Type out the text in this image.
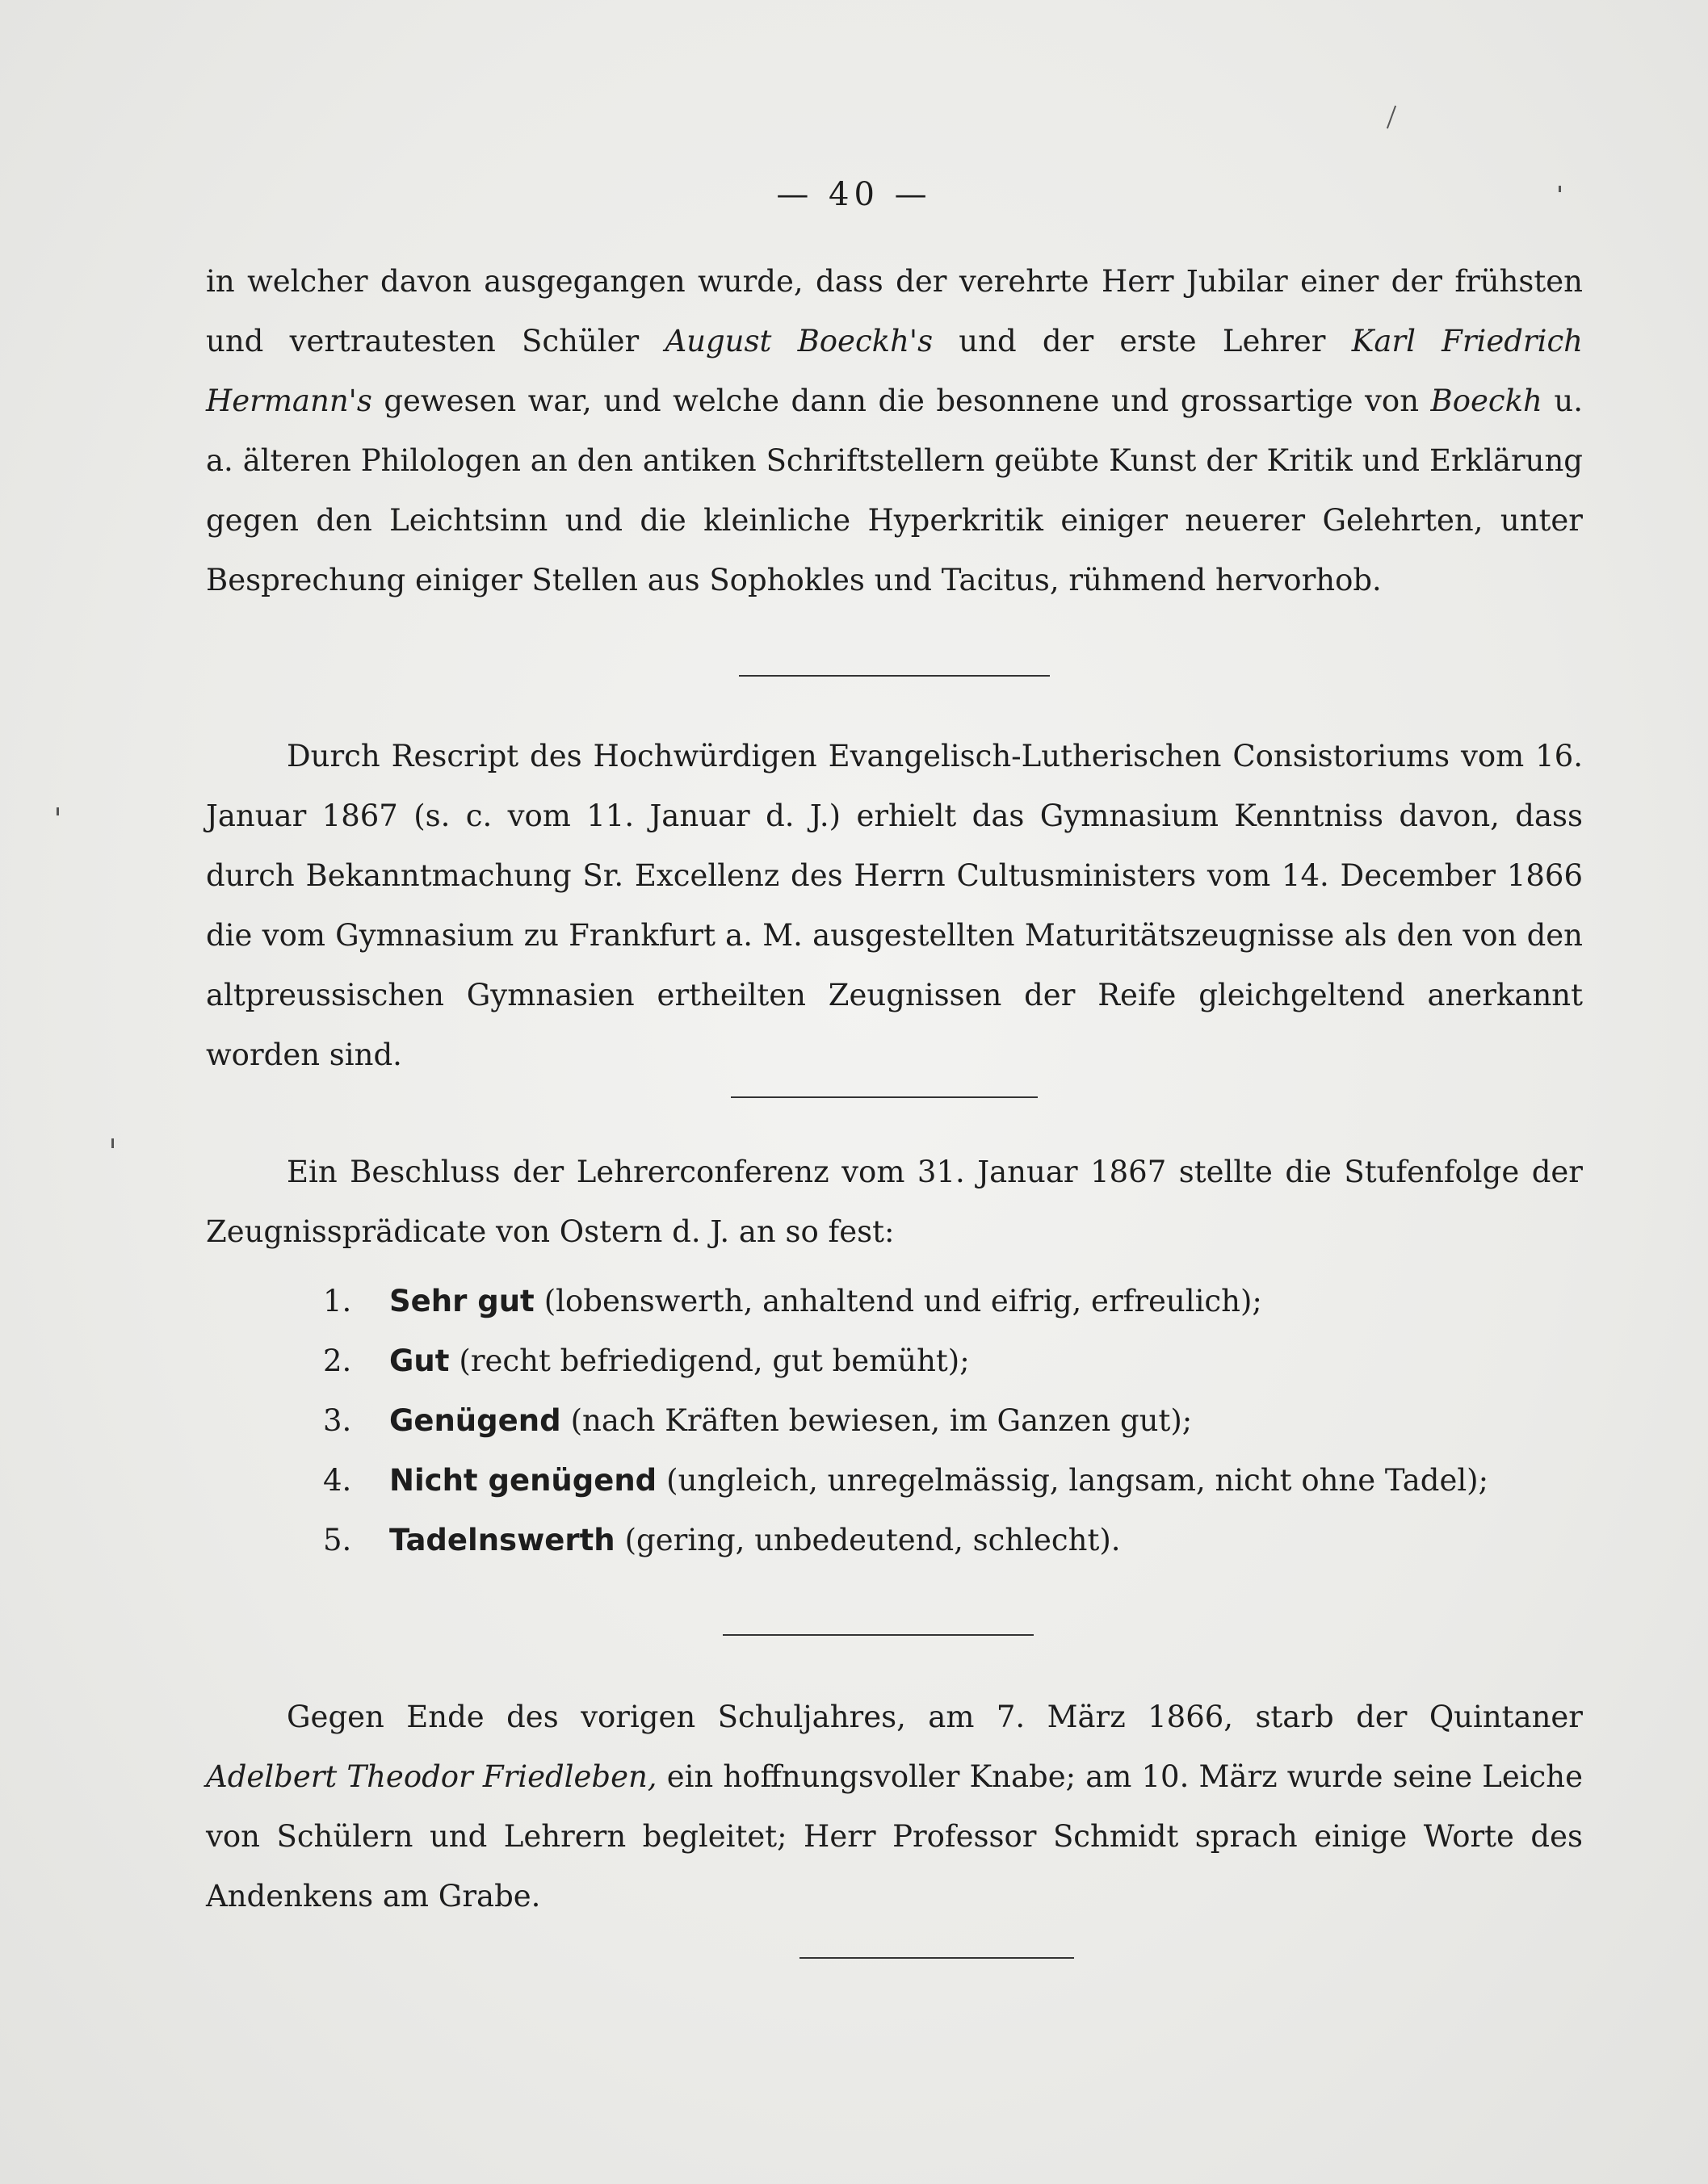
— 40 —

in welcher davon ausgegangen wurde, dass der verehrte Herr Jubilar einer der frühsten und vertrautesten Schüler August Boeckh's und der erste Lehrer Karl Friedrich Hermann's gewesen war, und welche dann die besonnene und grossartige von Boeckh u. a. älteren Philologen an den antiken Schriftstellern geübte Kunst der Kritik und Erklärung gegen den Leichtsinn und die kleinliche Hyperkritik einiger neuerer Gelehrten, unter Besprechung einiger Stellen aus Sophokles und Tacitus, rühmend hervorhob.

Durch Rescript des Hochwürdigen Evangelisch-Lutherischen Consistoriums vom 16. Januar 1867 (s. c. vom 11. Januar d. J.) erhielt das Gymnasium Kenntniss davon, dass durch Bekanntmachung Sr. Excellenz des Herrn Cultusministers vom 14. December 1866 die vom Gymnasium zu Frankfurt a. M. ausgestellten Maturitätszeugnisse als den von den altpreussischen Gymnasien ertheilten Zeugnissen der Reife gleichgeltend anerkannt worden sind.

Ein Beschluss der Lehrerconferenz vom 31. Januar 1867 stellte die Stufenfolge der Zeugnissprädicate von Ostern d. J. an so fest:

1.	Sehr gut (lobenswerth, anhaltend und eifrig, erfreulich);
2.	Gut (recht befriedigend, gut bemüht);
3.	Genügend (nach Kräften bewiesen, im Ganzen gut);
4.	Nicht genügend (ungleich, unregelmässig, langsam, nicht ohne Tadel);
5.	Tadelnswerth (gering, unbedeutend, schlecht).

Gegen Ende des vorigen Schuljahres, am 7. März 1866, starb der Quintaner Adelbert Theodor Friedleben, ein hoffnungsvoller Knabe; am 10. März wurde seine Leiche von Schülern und Lehrern begleitet; Herr Professor Schmidt sprach einige Worte des Andenkens am Grabe.
